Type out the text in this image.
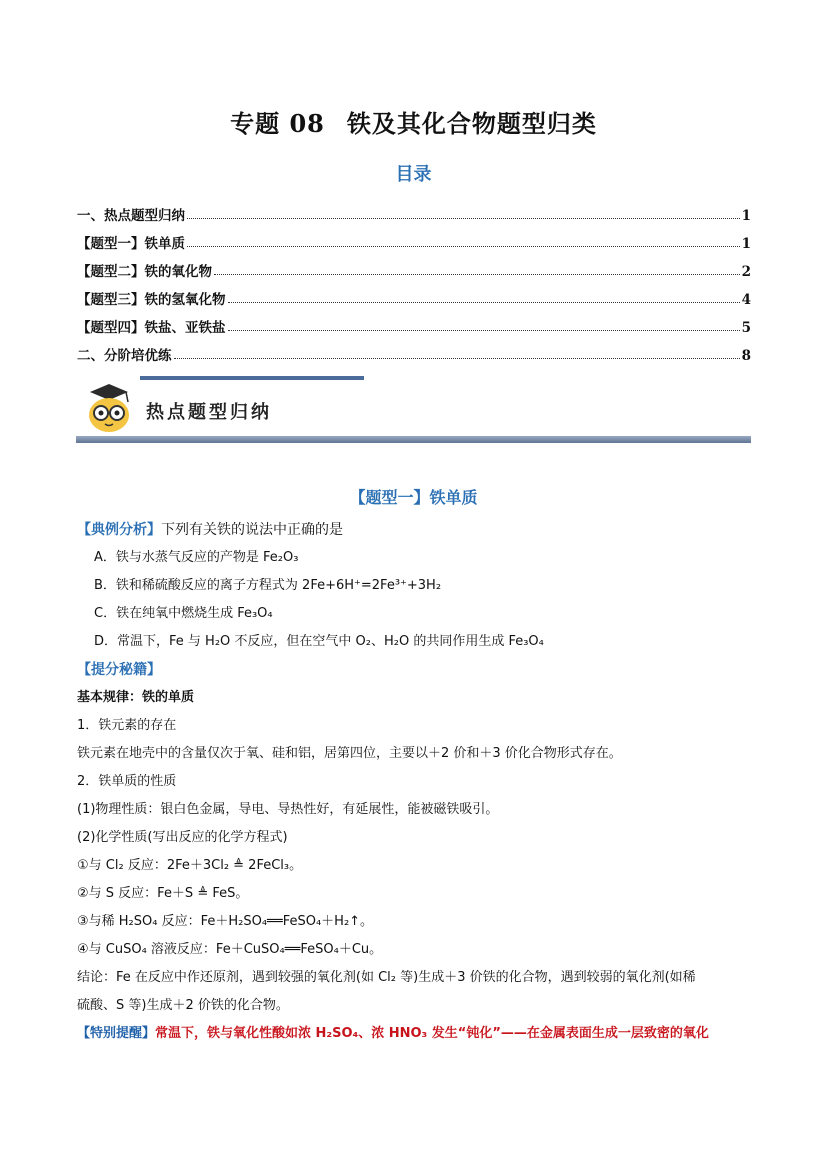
专题 08 铁及其化合物题型归类
目录
一、热点题型归纳	1
【题型一】铁单质	1
【题型二】铁的氧化物	2
【题型三】铁的氢氧化物	4
【题型四】铁盐、亚铁盐	5
二、分阶培优练	8
热点题型归纳
【题型一】铁单质
【典例分析】下列有关铁的说法中正确的是
A．铁与水蒸气反应的产物是 Fe₂O₃
B．铁和稀硫酸反应的离子方程式为 2Fe+6H⁺=2Fe³⁺+3H₂
C．铁在纯氧中燃烧生成 Fe₃O₄
D．常温下，Fe 与 H₂O 不反应，但在空气中 O₂、H₂O 的共同作用生成 Fe₃O₄
【提分秘籍】
基本规律：铁的单质
1．铁元素的存在
铁元素在地壳中的含量仅次于氧、硅和铝，居第四位，主要以＋2 价和＋3 价化合物形式存在。
2．铁单质的性质
(1)物理性质：银白色金属，导电、导热性好，有延展性，能被磁铁吸引。
(2)化学性质(写出反应的化学方程式)
①与 Cl₂ 反应：2Fe＋3Cl₂ ≜ 2FeCl₃。
②与 S 反应：Fe＋S ≜ FeS。
③与稀 H₂SO₄ 反应：Fe＋H₂SO₄══FeSO₄＋H₂↑。
④与 CuSO₄ 溶液反应：Fe＋CuSO₄══FeSO₄＋Cu。
结论：Fe 在反应中作还原剂，遇到较强的氧化剂(如 Cl₂ 等)生成＋3 价铁的化合物，遇到较弱的氧化剂(如稀
硫酸、S 等)生成＋2 价铁的化合物。
【特别提醒】常温下，铁与氧化性酸如浓 H₂SO₄、浓 HNO₃ 发生“钝化”——在金属表面生成一层致密的氧化
